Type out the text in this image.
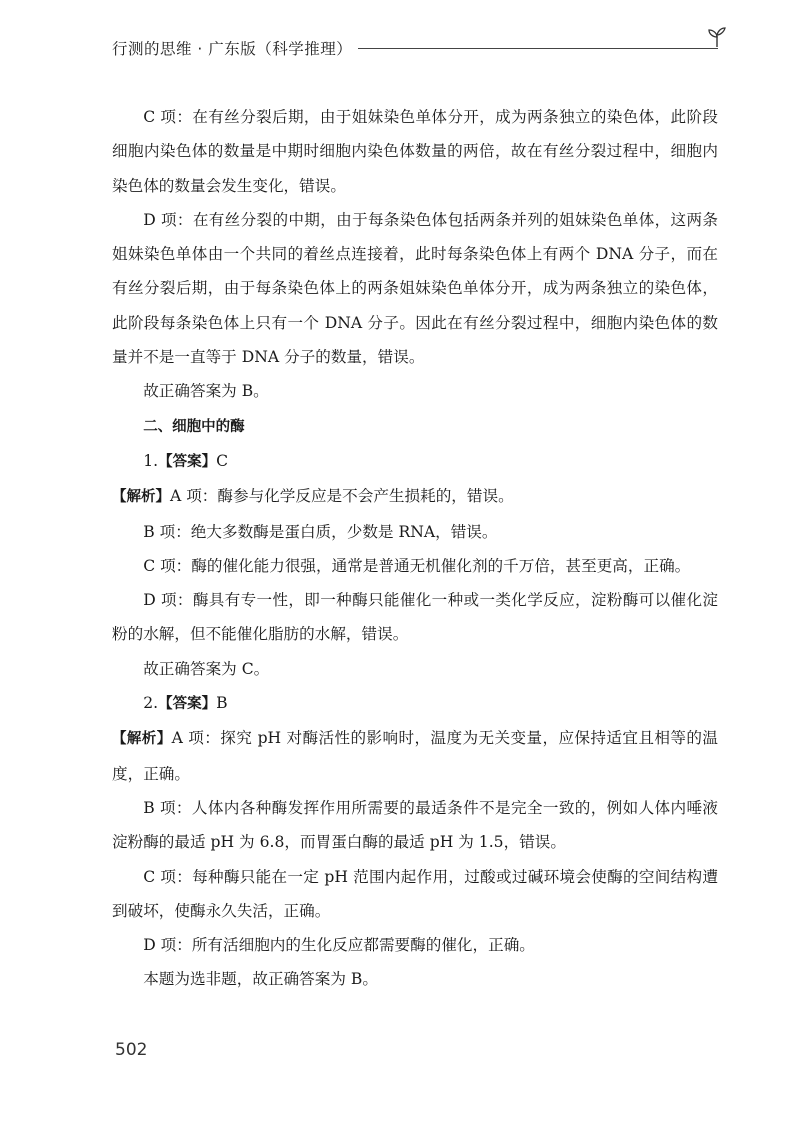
行测的思维 · 广东版（科学推理）

C 项：在有丝分裂后期，由于姐妹染色单体分开，成为两条独立的染色体，此阶段细胞内染色体的数量是中期时细胞内染色体数量的两倍，故在有丝分裂过程中，细胞内染色体的数量会发生变化，错误。

D 项：在有丝分裂的中期，由于每条染色体包括两条并列的姐妹染色单体，这两条姐妹染色单体由一个共同的着丝点连接着，此时每条染色体上有两个 DNA 分子，而在有丝分裂后期，由于每条染色体上的两条姐妹染色单体分开，成为两条独立的染色体，此阶段每条染色体上只有一个 DNA 分子。因此在有丝分裂过程中，细胞内染色体的数量并不是一直等于 DNA 分子的数量，错误。

故正确答案为 B。

二、细胞中的酶

1.【答案】C

【解析】A 项：酶参与化学反应是不会产生损耗的，错误。

B 项：绝大多数酶是蛋白质，少数是 RNA，错误。

C 项：酶的催化能力很强，通常是普通无机催化剂的千万倍，甚至更高，正确。

D 项：酶具有专一性，即一种酶只能催化一种或一类化学反应，淀粉酶可以催化淀粉的水解，但不能催化脂肪的水解，错误。

故正确答案为 C。

2.【答案】B

【解析】A 项：探究 pH 对酶活性的影响时，温度为无关变量，应保持适宜且相等的温度，正确。

B 项：人体内各种酶发挥作用所需要的最适条件不是完全一致的，例如人体内唾液淀粉酶的最适 pH 为 6.8，而胃蛋白酶的最适 pH 为 1.5，错误。

C 项：每种酶只能在一定 pH 范围内起作用，过酸或过碱环境会使酶的空间结构遭到破坏，使酶永久失活，正确。

D 项：所有活细胞内的生化反应都需要酶的催化，正确。

本题为选非题，故正确答案为 B。

502
